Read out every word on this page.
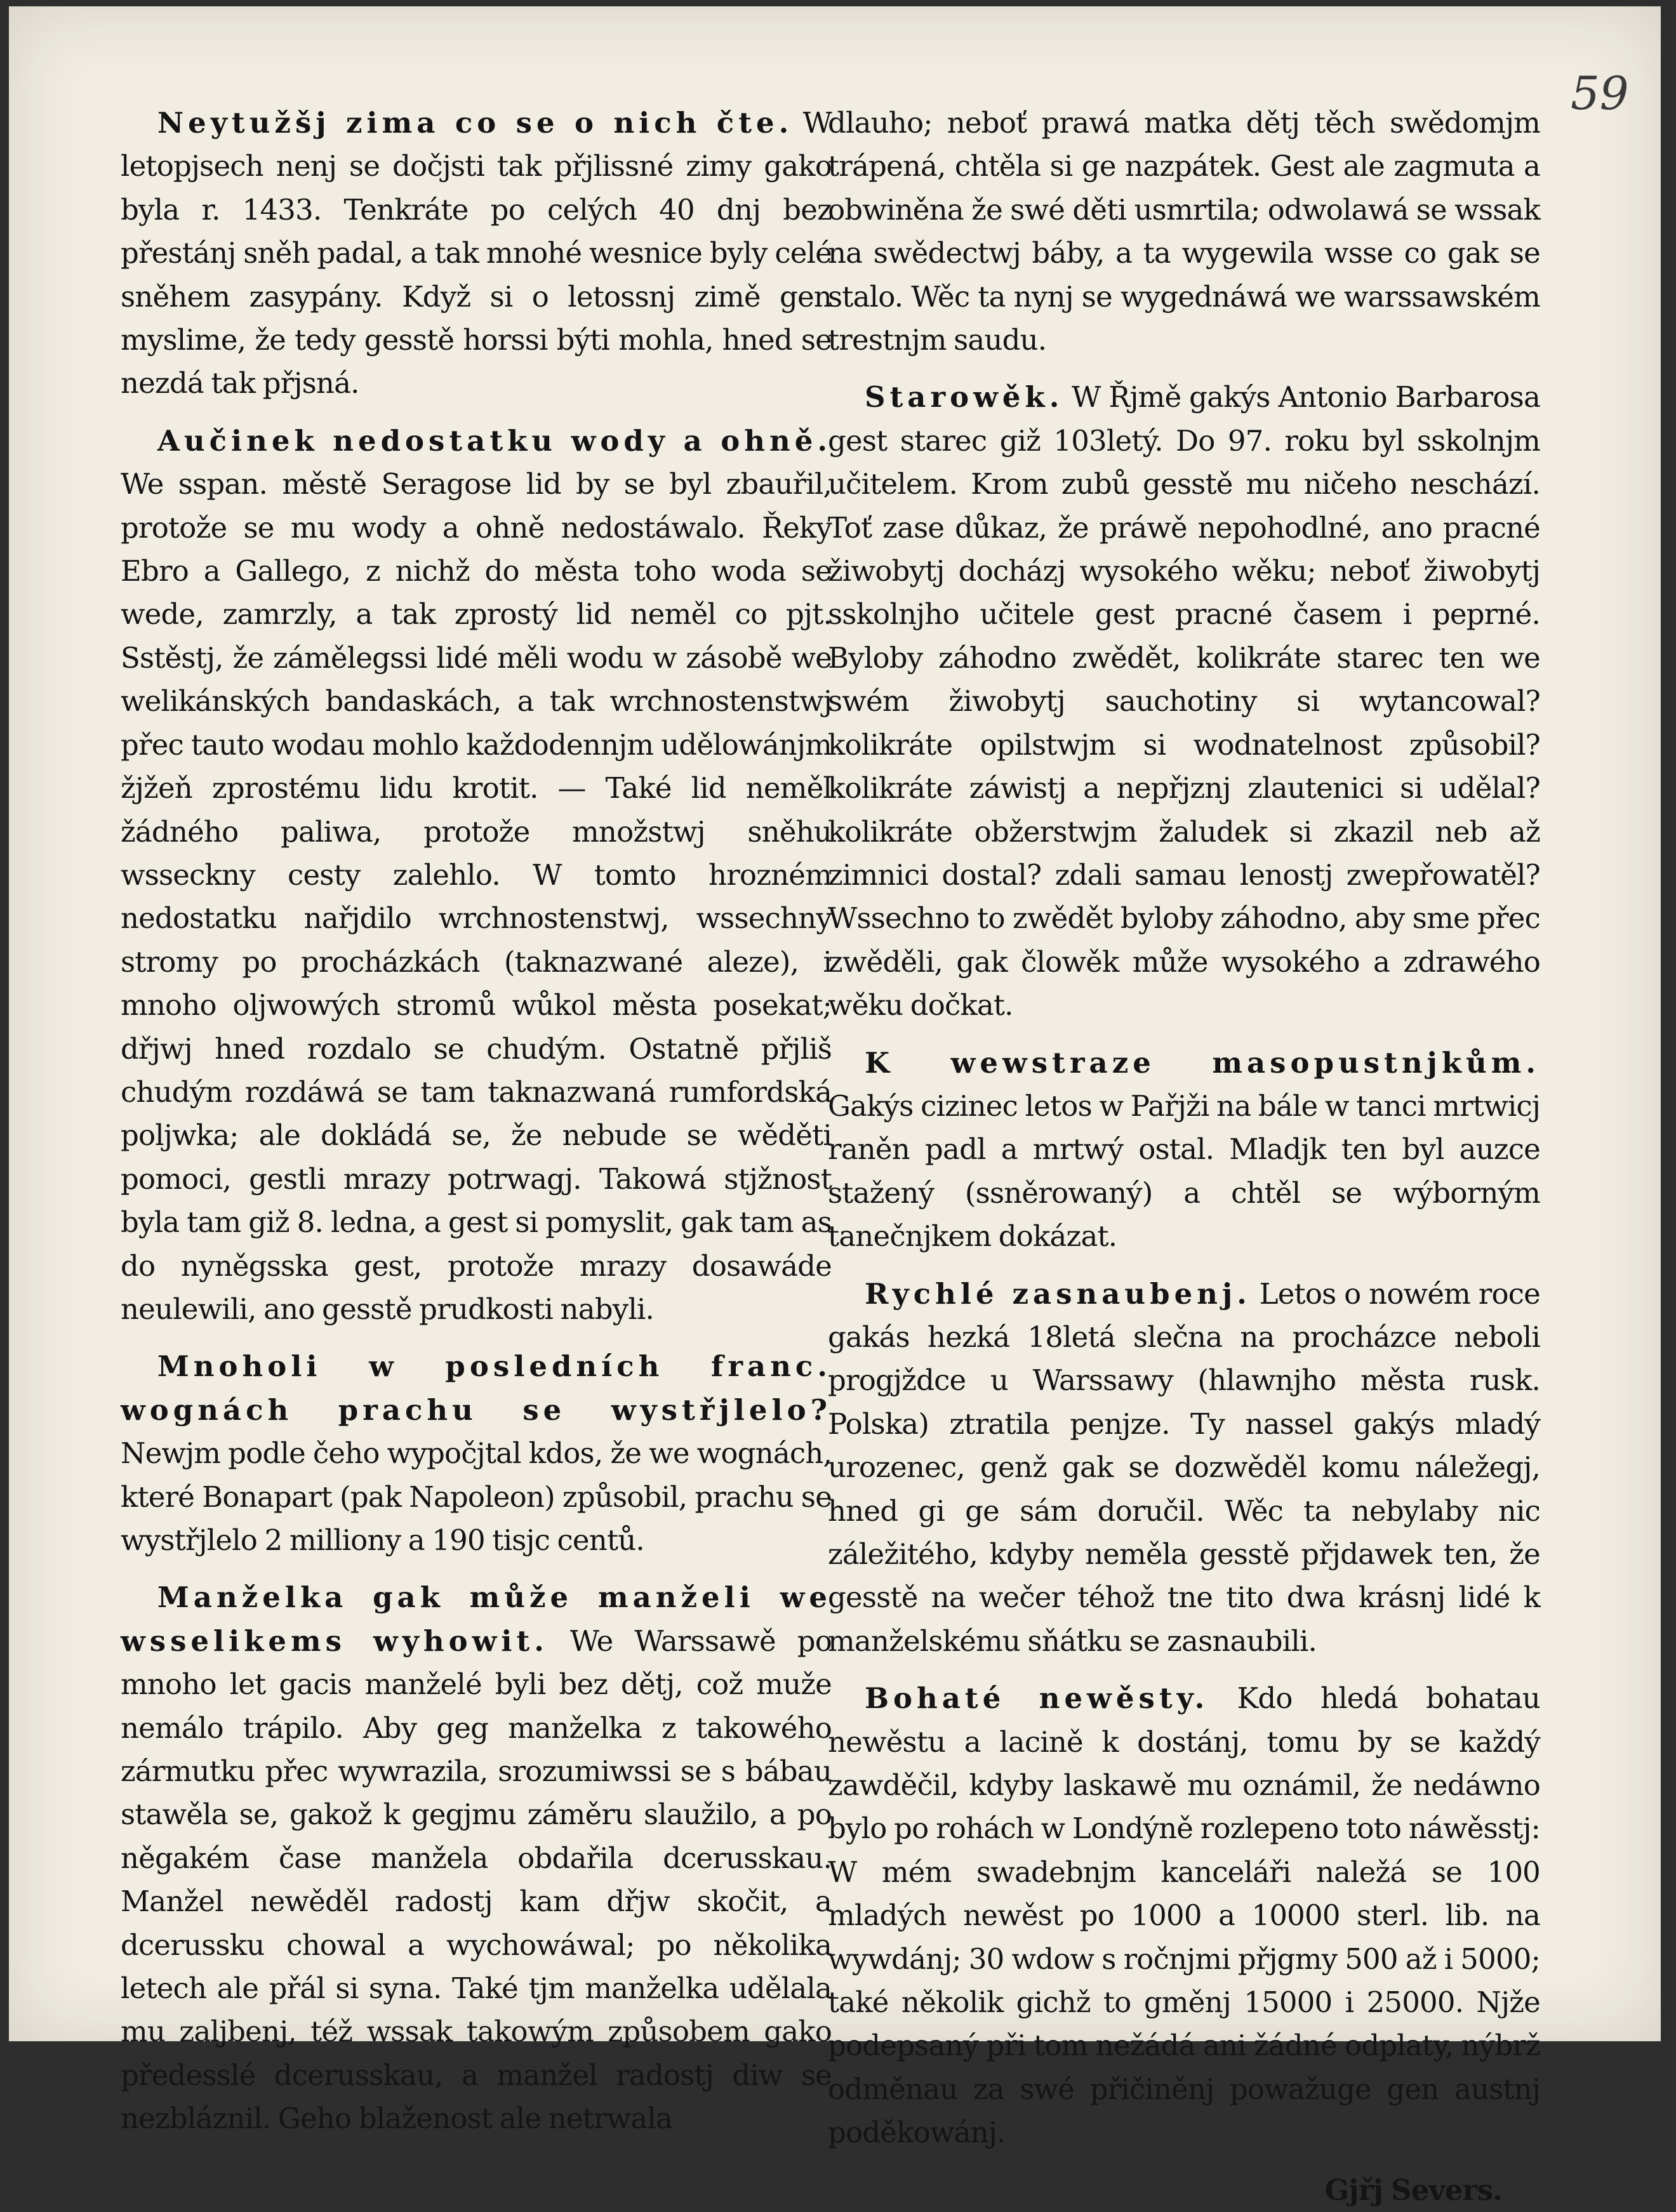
59

Neytužšj zima co se o nich čte. W letopjsech nenj se dočjsti tak přjlissné zimy gako byla r. 1433. Tenkráte po celých 40 dnj bez přestánj sněh padal, a tak mnohé wesnice byly celé sněhem zasypány. Když si o letossnj zimě gen myslime, že tedy gesstě horssi býti mohla, hned se nezdá tak přjsná.

Aučinek nedostatku wody a ohně. We sspan. městě Seragose lid by se byl zbauřil, protože se mu wody a ohně nedostáwalo. Řeky Ebro a Gallego, z nichž do města toho woda se wede, zamrzly, a tak zprostý lid neměl co pjt. Sstěstj, že zámělegssi lidé měli wodu w zásobě we welikánských bandaskách, a tak wrchnostenstwj přec tauto wodau mohlo každodennjm udělowánjm žjžeň zprostému lidu krotit. — Také lid neměl žádného paliwa, protože množstwj sněhu wsseckny cesty zalehlo. W tomto hrozném nedostatku nařjdilo wrchnostenstwj, wssechny stromy po procházkách (taknazwané aleze), i mnoho oljwowých stromů wůkol města posekat; dřjwj hned rozdalo se chudým. Ostatně přjliš chudým rozdáwá se tam taknazwaná rumfordská poljwka; ale dokládá se, že nebude se wěděti pomoci, gestli mrazy potrwagj. Takowá stjžnost byla tam giž 8. ledna, a gest si pomyslit, gak tam as do nyněgsska gest, protože mrazy dosawáde neulewili, ano gesstě prudkosti nabyli.

Mnoholi w posledních franc. wognách prachu se wystřjlelo? Newjm podle čeho wypočjtal kdos, že we wognách, které Bonapart (pak Napoleon) způsobil, prachu se wystřjlelo 2 milliony a 190 tisjc centů.

Manželka gak může manželi we wsselikems wyhowit. We Warssawě po mnoho let gacis manželé byli bez dětj, což muže nemálo trápilo. Aby geg manželka z takowého zármutku přec wywrazila, srozumiwssi se s bábau stawěla se, gakož k gegjmu záměru slaužilo, a po něgakém čase manželа obdařila dcerusskau. Manžel newěděl radostj kam dřjw skočit, a dcerussku chowal a wychowáwal; po několika letech ale přál si syna. Také tjm manželka udělala mu zaljbenj, též wssak takowým způsobem gako předesslé dcerusskau, a manžel radostj diw se nezbláznil. Geho blaženost ale netrwala

dlauho; neboť prawá matka dětj těch swědomjm trápená, chtěla si ge nazpátek. Gest ale zagmuta a obwiněna že swé děti usmrtila; odwolawá se wssak na swědectwj báby, a ta wygewila wsse co gak se stalo. Wěc ta nynj se wygednáwá we warssawském trestnjm saudu.

Starowěk. W Řjmě gakýs Antonio Barbarosa gest starec giž 103letý. Do 97. roku byl sskolnjm učitelem. Krom zubů gesstě mu ničeho neschází. Toť zase důkaz, že práwě nepohodlné, ano pracné žiwobytj docházj wysokého wěku; neboť žiwobytj sskolnjho učitele gest pracné časem i peprné. Byloby záhodno zwědět, kolikráte starec ten we swém žiwobytj sauchotiny si wytancowal? kolikráte opilstwjm si wodnatelnost způsobil? kolikráte záwistj a nepřjznj zlautenici si udělal? kolikráte obžerstwjm žaludek si zkazil neb až zimnici dostal? zdali samau lenostj zwepřowatěl? Wssechno to zwědět byloby záhodno, aby sme přec zwěděli, gak člowěk může wysokého a zdrawého wěku dočkat.

K wewstraze masopustnjkům. Gakýs cizinec letos w Pařjži na bále w tanci mrtwicj raněn padl a mrtwý ostal. Mladjk ten byl auzce stažený (ssněrowaný) a chtěl se wýborným tanečnjkem dokázat.

Rychlé zasnaubenj. Letos o nowém roce gakás hezká 18letá slečna na procházce neboli progjždce u Warssawy (hlawnjho města rusk. Polska) ztratila penjze. Ty nassel gakýs mladý urozenec, genž gak se dozwěděl komu náležegj, hned gi ge sám doručil. Wěc ta nebylaby nic záležitého, kdyby neměla gesstě přjdawek ten, že gesstě na wečer téhož tne tito dwa krásnj lidé k manželskému sňátku se zasnaubili.

Bohaté newěsty. Kdo hledá bohatau newěstu a lacině k dostánj, tomu by se každý zawděčil, kdyby laskawě mu oznámil, že nedáwno bylo po rohách w Londýně rozlepeno toto náwěsstj: W mém swadebnjm kanceláři naležá se 100 mladých newěst po 1000 a 10000 sterl. lib. na wywdánj; 30 wdow s ročnjmi přjgmy 500 až i 5000; také několik gichž to gměnj 15000 i 25000. Njže podepsaný při tom nežádá ani žádné odplaty, nýbrž odměnau za swé přičiněnj powažuge gen austnj poděkowánj.

Gjřj Severs.
